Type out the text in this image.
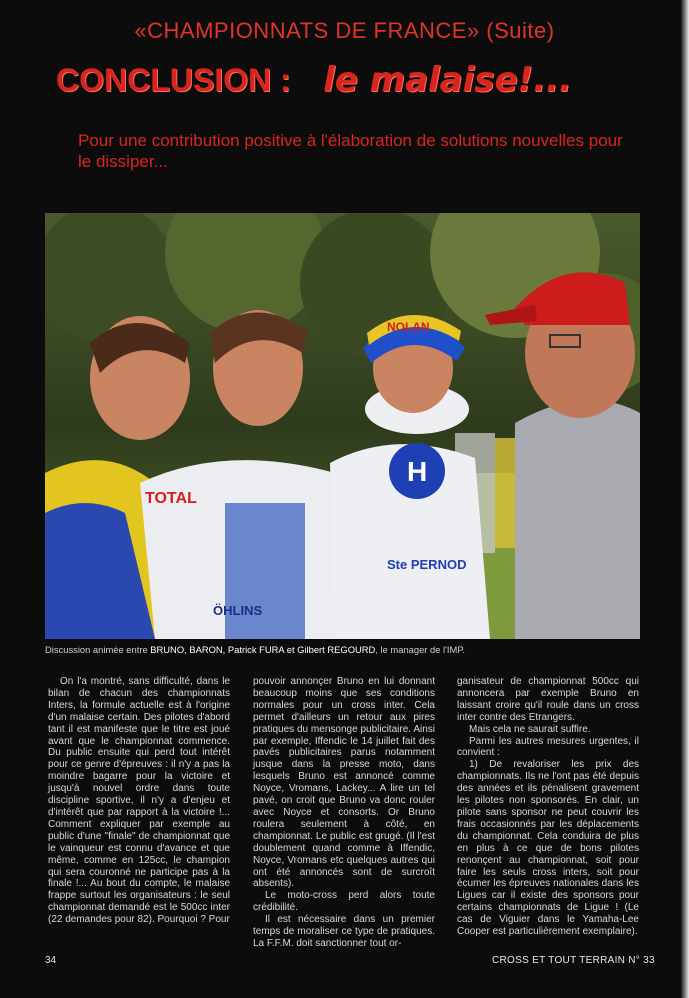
«CHAMPIONNATS DE FRANCE» (Suite)
CONCLUSION : le malaise!...
Pour une contribution positive à l'élaboration de solutions nouvelles pour le dissiper...
TOTAL
ÖHLINS
H
Ste PERNOD
NOLAN
Discussion animée entre BRUNO, BARON, Patrick FURA et Gilbert REGOURD, le manager de l'IMP.

On l'a montré, sans difficulté, dans le bilan de chacun des championnats Inters, la formule actuelle est à l'origine d'un malaise certain. Des pilotes d'abord tant il est manifeste que le titre est joué avant que le championnat commence. Du public ensuite qui perd tout intérêt pour ce genre d'épreuves : il n'y a pas la moindre bagarre pour la victoire et jusqu'à nouvel ordre dans toute discipline sportive, il n'y a d'enjeu et d'intérêt que par rapport à la victoire !... Comment expliquer par exemple au public d'une "finale" de championnat que le vainqueur est connu d'avance et que même, comme en 125cc, le champion qui sera couronné ne participe pas à la finale !... Au bout du compte, le malaise frappe surtout les organisateurs : le seul championnat demandé est le 500cc inter (22 demandes pour 82). Pourquoi ? Pour

pouvoir annonçer Bruno en lui donnant beaucoup moins que ses conditions normales pour un cross inter. Cela permet d'ailleurs un retour aux pires pratiques du mensonge publicitaire. Ainsi par exemple, Iffendic le 14 juillet fait des pavés publicitaires parus notamment jusque dans la presse moto, dans lesquels Bruno est annoncé comme Noyce, Vromans, Lackey... A lire un tel pavé, on croit que Bruno va donc rouler avec Noyce et consorts. Or Bruno roulera seulement à côté, en championnat. Le public est grugé. (Il l'est doublement quand comme à Iffendic, Noyce, Vromans etc quelques autres qui ont été annoncés sont de surcroît absents).

Le moto-cross perd alors toute crédibilité.

Il est nécessaire dans un premier temps de moraliser ce type de pratiques. La F.F.M. doit sanctionner tout or-

ganisateur de championnat 500cc qui annoncera par exemple Bruno en laissant croire qu'il roule dans un cross inter contre des Etrangers.

Mais cela ne saurait suffire.

Parmi les autres mesures urgentes, il convient :

1) De revaloriser les prix des championnats. Ils ne l'ont pas été depuis des années et ils pénalisent gravement les pilotes non sponsorés. En clair, un pilote sans sponsor ne peut couvrir les frais occasionnés par les déplacements du championnat. Cela conduira de plus en plus à ce que de bons pilotes renonçent au championnat, soit pour faire les seuls cross inters, soit pour écumer les épreuves nationales dans les Ligues car il existe des sponsors pour certains championnats de Ligue ! (Le cas de Viguier dans le Yamaha-Lee Cooper est particulièrement exemplaire).

34	CROSS ET TOUT TERRAIN N° 33
